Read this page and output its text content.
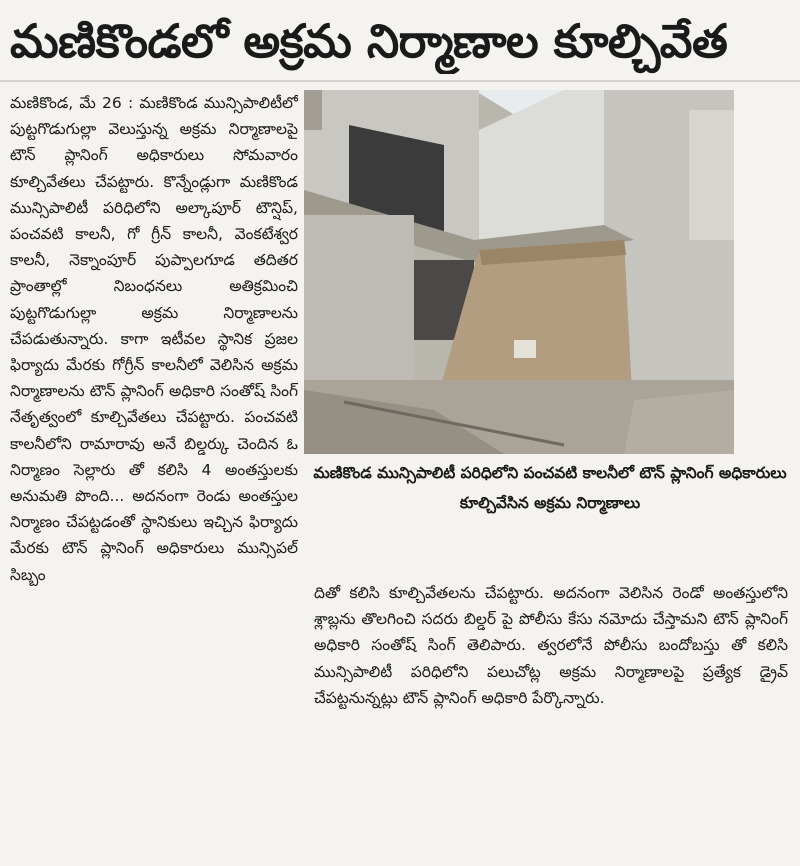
మణికొండలో అక్రమ నిర్మాణాల కూల్చివేత
మణికొండ, మే 26 : మణికొండ మున్సిపాలిటీలో పుట్టగొడుగుల్లా వెలుస్తున్న అక్రమ నిర్మాణాలపై టౌన్ ప్లానింగ్ అధికారులు సోమవారం కూల్చివేతలు చేపట్టారు. కొన్నేండ్లుగా మణికొండ మున్సిపాలిటీ పరిధిలోని అల్కాపూర్ టౌన్షిప్, పంచవటి కాలనీ, గో గ్రీన్ కాలనీ, వెంకటేశ్వర కాలనీ, నెక్నాంపూర్ పుప్పాలగూడ తదితర ప్రాంతాల్లో నిబంధనలు అతిక్రమించి పుట్టగొడుగుల్లా అక్రమ నిర్మాణాలను చేపడుతున్నారు. కాగా ఇటీవల స్థానిక ప్రజల ఫిర్యాదు మేరకు గోగ్రీన్ కాలనీలో వెలిసిన అక్రమ నిర్మాణాలను టౌన్ ప్లానింగ్ అధికారి సంతోష్ సింగ్ నేతృత్వంలో కూల్చివేతలు చేపట్టారు. పంచవటి కాలనీలోని రామారావు అనే బిల్డర్కు చెందిన ఓ నిర్మాణం సెల్లారు తో కలిసి 4 అంతస్తులకు అనుమతి పొంది... అదనంగా రెండు అంతస్తుల నిర్మాణం చేపట్టడంతో స్థానికులు ఇచ్చిన ఫిర్యాదు మేరకు టౌన్ ప్లానింగ్ అధికారులు మున్సిపల్ సిబ్బం
మణికొండ మున్సిపాలిటీ పరిధిలోని పంచవటి కాలనీలో టౌన్ ప్లానింగ్ అధికారులు కూల్చివేసిన అక్రమ నిర్మాణాలు
దితో కలిసి కూల్చివేతలను చేపట్టారు. అదనంగా వెలిసిన రెండో అంతస్తులోని శ్లాబ్లను తొలగించి సదరు బిల్డర్ పై పోలీసు కేసు నమోదు చేస్తామని టౌన్ ప్లానింగ్ అధికారి సంతోష్ సింగ్ తెలిపారు. త్వరలోనే పోలీసు బందోబస్తు తో కలిసి మున్సిపాలిటీ పరిధిలోని పలుచోట్ల అక్రమ నిర్మాణాలపై ప్రత్యేక డ్రైవ్ చేపట్టనున్నట్లు టౌన్ ప్లానింగ్ అధికారి పేర్కొన్నారు.
